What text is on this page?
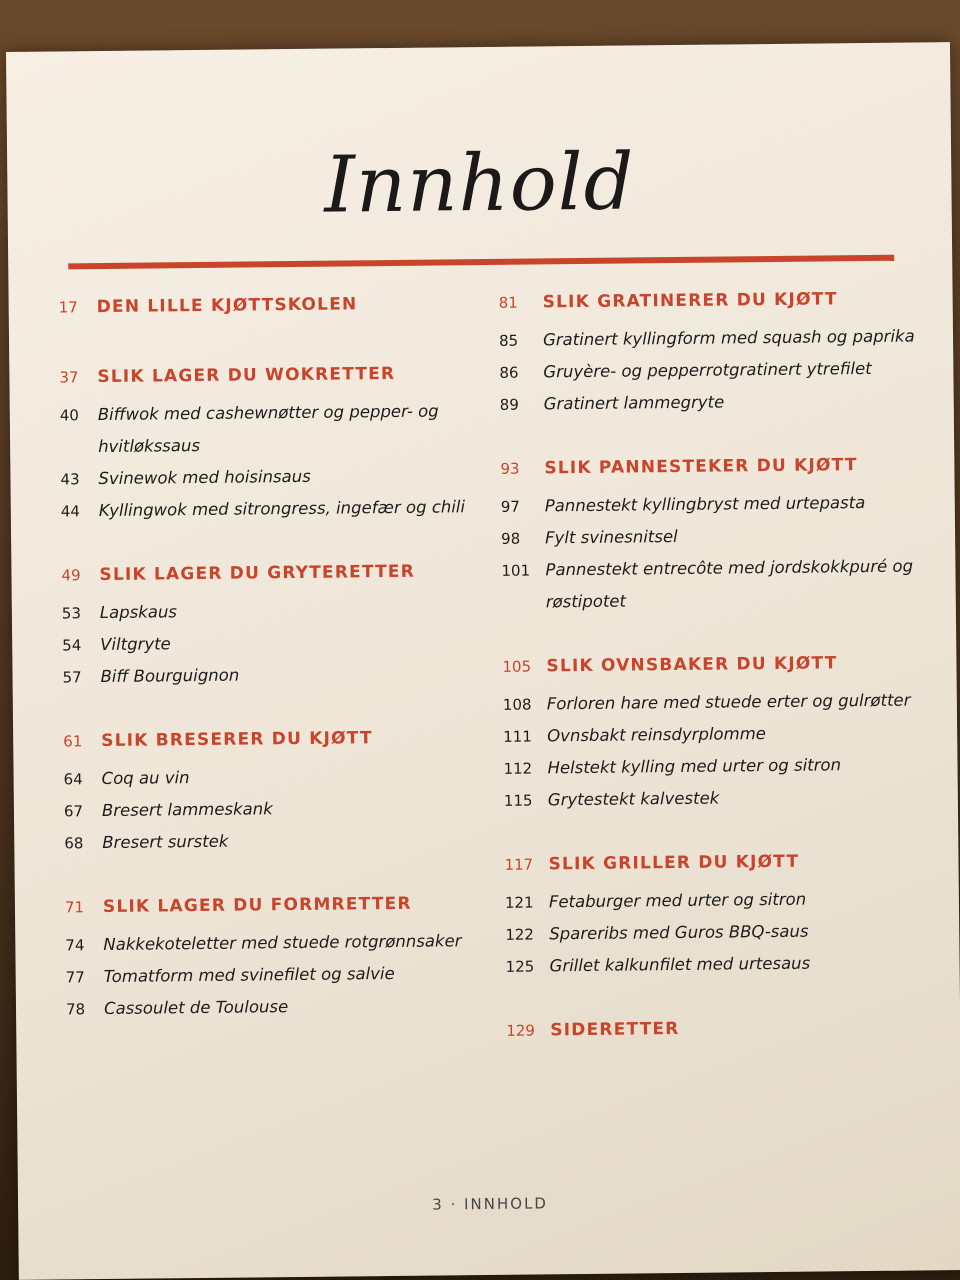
Innhold
17	DEN LILLE KJØTTSKOLEN
37	SLIK LAGER DU WOKRETTER
40	Biffwok med cashewnøtter og pepper- og hvitløkssaus
43	Svinewok med hoisinsaus
44	Kyllingwok med sitrongress, ingefær og chili
49	SLIK LAGER DU GRYTERETTER
53	Lapskaus
54	Viltgryte
57	Biff Bourguignon
61	SLIK BRESERER DU KJØTT
64	Coq au vin
67	Bresert lammeskank
68	Bresert surstek
71	SLIK LAGER DU FORMRETTER
74	Nakkekoteletter med stuede rotgrønnsaker
77	Tomatform med svinefilet og salvie
78	Cassoulet de Toulouse
81	SLIK GRATINERER DU KJØTT
85	Gratinert kyllingform med squash og paprika
86	Gruyère- og pepperrotgratinert ytrefilet
89	Gratinert lammegryte
93	SLIK PANNESTEKER DU KJØTT
97	Pannestekt kyllingbryst med urtepasta
98	Fylt svinesnitsel
101 Pannestekt entrecôte med jordskokkpuré og røstipotet
105 SLIK OVNSBAKER DU KJØTT
108 Forloren hare med stuede erter og gulrøtter
111 Ovnsbakt reinsdyrplomme
112 Helstekt kylling med urter og sitron
115 Grytestekt kalvestek
117 SLIK GRILLER DU KJØTT
121 Fetaburger med urter og sitron
122 Spareribs med Guros BBQ-saus
125 Grillet kalkunfilet med urtesaus
129 SIDERETTER
3 · INNHOLD
